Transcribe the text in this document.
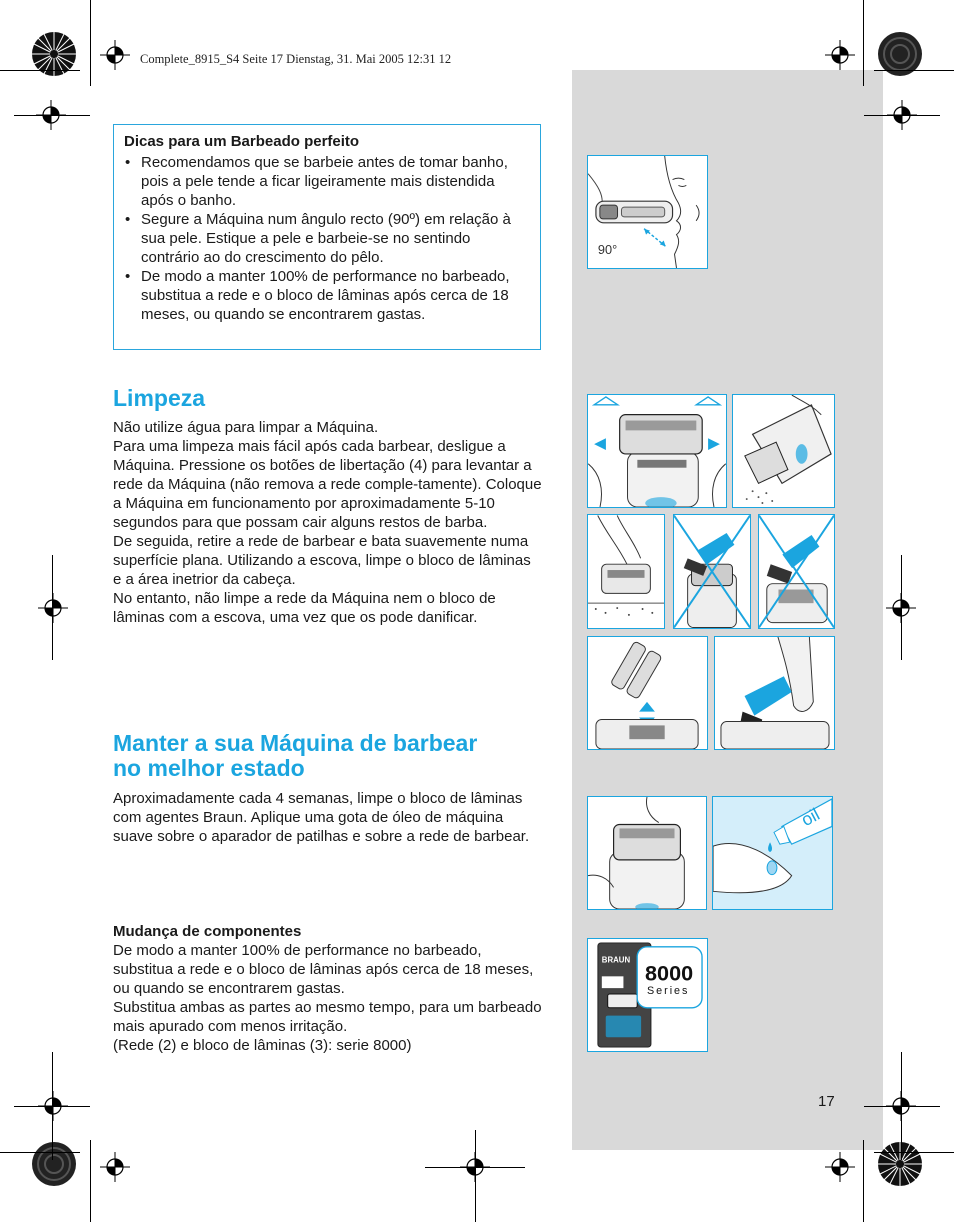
Complete_8915_S4 Seite 17 Dienstag, 31. Mai 2005 12:31 12
Dicas para um Barbeado perfeito
• Recomendamos que se barbeie antes de tomar banho, pois a pele tende a ficar ligeiramente mais distendida após o banho.
• Segure a Máquina num ângulo recto (90º) em relação à sua pele. Estique a pele e barbeie-se no sentindo contrário ao do crescimento do pêlo.
• De modo a manter 100% de performance no barbeado, substitua a rede e o bloco de lâminas após cerca de 18 meses, ou quando se encontrarem gastas.
Limpeza

Não utilize água para limpar a Máquina.

Para uma limpeza mais fácil após cada barbear, desligue a Máquina. Pressione os botões de libertação (4) para levantar a rede da Máquina (não remova a rede comple-tamente). Coloque a Máquina em funcionamento por aproximadamente 5-10 segundos para que possam cair alguns restos de barba.

De seguida, retire a rede de barbear e bata suavemente numa superfície plana. Utilizando a escova, limpe o bloco de lâminas e a área inetrior da cabeça.

No entanto, não limpe a rede da Máquina nem o bloco de lâminas com a escova, uma vez que os pode danificar.

Manter a sua Máquina de barbear
no melhor estado

Aproximadamente cada 4 semanas, limpe o bloco de lâminas com agentes Braun. Aplique uma gota de óleo de máquina suave sobre o aparador de patilhas e sobre a rede de barbear.

Mudança de componentes

De modo a manter 100% de performance no barbeado, substitua a rede e o bloco de lâminas após cerca de 18 meses, ou quando se encontrarem gastas.

Substitua ambas as partes ao mesmo tempo, para um barbeado mais apurado com menos irritação.

(Rede (2) e bloco de lâminas (3): serie 8000)

17
90°
oil
BRAUN
8000
Series
